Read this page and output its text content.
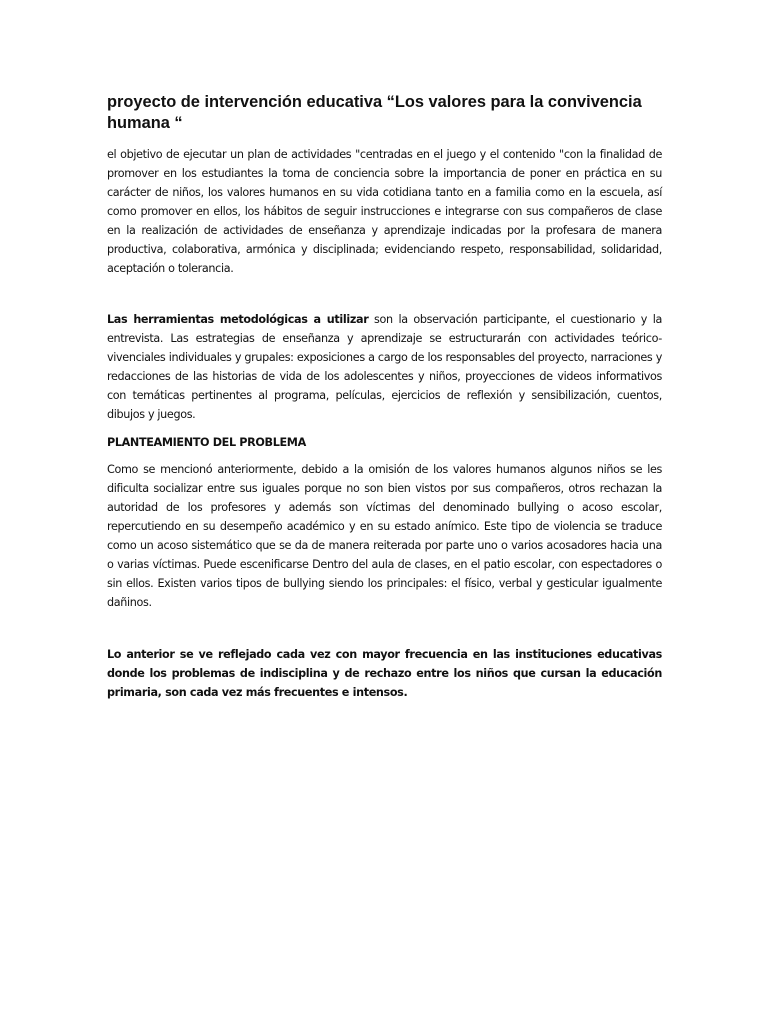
proyecto de intervención educativa “Los valores para la convivencia humana “

el objetivo de ejecutar un plan de actividades "centradas en el juego y el contenido "con la finalidad de promover en los estudiantes la toma de conciencia sobre la importancia de poner en práctica en su carácter de niños, los valores humanos en su vida cotidiana tanto en a familia como en la escuela, así como promover en ellos, los hábitos de seguir instrucciones e integrarse con sus compañeros de clase en la realización de actividades de enseñanza y aprendizaje indicadas por la profesara de manera productiva, colaborativa, armónica y disciplinada; evidenciando respeto, responsabilidad, solidaridad, aceptación o tolerancia.

Las herramientas metodológicas a utilizar son la observación participante, el cuestionario y la entrevista. Las estrategias de enseñanza y aprendizaje se estructurarán con actividades teórico-vivenciales individuales y grupales: exposiciones a cargo de los responsables del proyecto, narraciones y redacciones de las historias de vida de los adolescentes y niños, proyecciones de videos informativos con temáticas pertinentes al programa, películas, ejercicios de reflexión y sensibilización, cuentos, dibujos y juegos.

PLANTEAMIENTO DEL PROBLEMA

Como se mencionó anteriormente, debido a la omisión de los valores humanos algunos niños se les dificulta socializar entre sus iguales porque no son bien vistos por sus compañeros, otros rechazan la autoridad de los profesores y además son víctimas del denominado bullying o acoso escolar, repercutiendo en su desempeño académico y en su estado anímico. Este tipo de violencia se traduce como un acoso sistemático que se da de manera reiterada por parte uno o varios acosadores hacia una o varias víctimas. Puede escenificarse Dentro del aula de clases, en el patio escolar, con espectadores o sin ellos. Existen varios tipos de bullying siendo los principales: el físico, verbal y gesticular igualmente dañinos.

Lo anterior se ve reflejado cada vez con mayor frecuencia en las instituciones educativas donde los problemas de indisciplina y de rechazo entre los niños que cursan la educación primaria, son cada vez más frecuentes e intensos.
